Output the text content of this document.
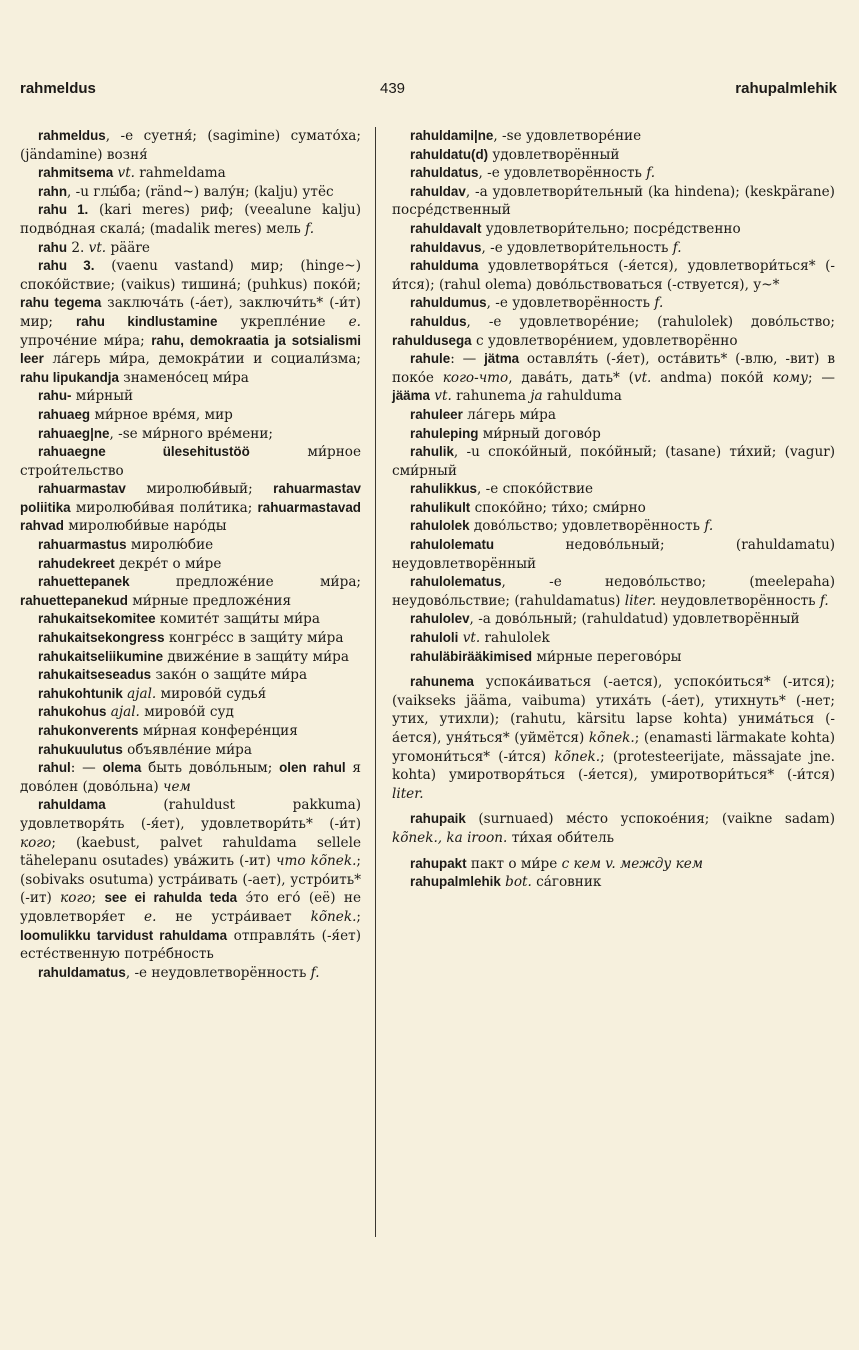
rahmeldus	439	rahupalmlehik

rahmeldus, -e суетня́; (sagimine) сумато́ха; (jändamine) возня́

rahmitsema vt. rahmeldama

rahn, -u глы́ба; (ränd~) валу́н; (kalju) утёс

rahu 1. (kari meres) риф; (veealune kalju) подво́дная скала́; (madalik meres) мель f.

rahu 2. vt. pääre

rahu 3. (vaenu vastand) мир; (hinge~) споко́йствие; (vaikus) тишина́; (puhkus) поко́й; rahu tegema заключа́ть (-а́ет), заключи́ть* (-и́т) мир; rahu kindlustamine укрепле́ние e. упроче́ние ми́ра; rahu, demokraatia ja sotsialismi leer ла́герь ми́ра, демокра́тии и социали́зма; rahu lipukandja знамено́сец ми́ра

rahu- ми́рный

rahuaeg ми́рное вре́мя, мир

rahuaeg|ne, -se ми́рного вре́мени;

rahuaegne ülesehitustöö ми́рное строи́тельство

rahuarmastav миролюби́вый; rahuarmastav poliitika миролюби́вая поли́тика; rahuarmastavad rahvad миролюби́вые наро́ды

rahuarmastus миролю́бие

rahudekreet декре́т о ми́ре

rahuettepanek предложе́ние ми́ра; rahuettepanekud ми́рные предложе́ния

rahukaitsekomitee комите́т защи́ты ми́ра

rahukaitsekongress конгре́сс в защи́ту ми́ра

rahukaitseliikumine движе́ние в защи́ту ми́ра

rahukaitseseadus зако́н о защи́те ми́ра

rahukohtunik ajal. мирово́й судья́

rahukohus ajal. мирово́й суд

rahukonverents ми́рная конфере́нция

rahukuulutus объявле́ние ми́ра

rahul: — olema быть дово́льным; olen rahul я дово́лен (дово́льна) чем

rahuldama (rahuldust pakkuma) удовлетворя́ть (-я́ет), удовлетвори́ть* (-и́т) кого; (kaebust, palvet rahuldama sellele tähelepanu osutades) ува́жить (-ит) что kõnek.; (sobivaks osutuma) устра́ивать (-ает), устро́ить* (-ит) кого; see ei rahulda teda э́то его́ (её) не удовлетворя́ет e. не устра́ивает kõnek.; loomulikku tarvidust rahuldama отправля́ть (-я́ет) есте́ственную потре́бность

rahuldamatus, -e неудовлетворённость f.

rahuldami|ne, -se удовлетворе́ние

rahuldatu(d) удовлетворённый

rahuldatus, -e удовлетворённость f.

rahuldav, -a удовлетвори́тельный (ka hindena); (keskpärane) посре́дственный

rahuldavalt удовлетвори́тельно; посре́дственно

rahuldavus, -e удовлетвори́тельность f.

rahulduma удовлетворя́ться (-я́ется), удовлетвори́ться* (-и́тся); (rahul olema) дово́льствоваться (-ствуется), у~*

rahuldumus, -e удовлетворённость f.

rahuldus, -e удовлетворе́ние; (rahulolek) дово́льство; rahuldusega с удовлетворе́нием, удовлетворённо

rahule: — jätma оставля́ть (-я́ет), оста́вить* (-влю, -вит) в поко́е кого-что, дава́ть, дать* (vt. andma) поко́й кому; — jääma vt. rahunema ja rahulduma

rahuleer ла́герь ми́ра

rahuleping ми́рный догово́р

rahulik, -u споко́йный, поко́йный; (tasane) ти́хий; (vagur) сми́рный

rahulikkus, -e споко́йствие

rahulikult споко́йно; ти́хо; сми́рно

rahulolek дово́льство; удовлетворённость f.

rahulolematu недово́льный; (rahuldamatu) неудовлетворённый

rahulolematus, -e недово́льство; (meelepaha) неудово́льствие; (rahuldamatus) liter. неудовлетворённость f.

rahulolev, -a дово́льный; (rahuldatud) удовлетворённый

rahuloli vt. rahulolek

rahuläbirääkimised ми́рные перегово́ры

rahunema успока́иваться (-ается), успоко́иться* (-ится); (vaikseks jääma, vaibuma) утиха́ть (-а́ет), утихнуть* (-нет; утих, утихли); (rahutu, kärsitu lapse kohta) унима́ться (-а́ется), уня́ться* (уймётся) kõnek.; (enamasti lärmakate kohta) угомони́ться* (-и́тся) kõnek.; (protesteerijate, mässajate jne. kohta) умиротворя́ться (-я́ется), умиротвори́ться* (-и́тся) liter.

rahupaik (surnuaed) ме́сто успокое́ния; (vaikne sadam) kõnek., ka iroon. ти́хая оби́тель

rahupakt пакт о ми́ре с кем v. между кем

rahupalmlehik bot. са́говник
